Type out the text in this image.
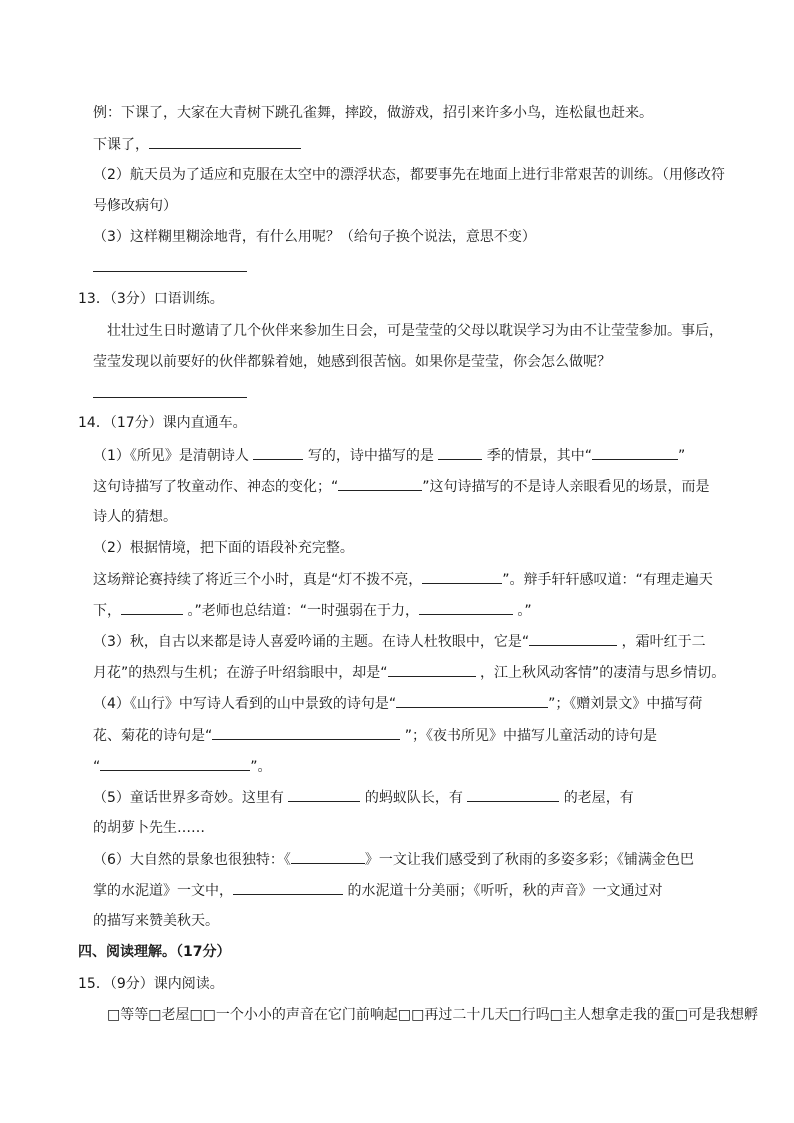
例：下课了，大家在大青树下跳孔雀舞，摔跤，做游戏，招引来许多小鸟，连松鼠也赶来。
下课了，
（2）航天员为了适应和克服在太空中的漂浮状态，都要事先在地面上进行非常艰苦的训练。（用修改符
号修改病句）
（3）这样糊里糊涂地背，有什么用呢？（给句子换个说法，意思不变）
13．（3分）口语训练。
壮壮过生日时邀请了几个伙伴来参加生日会，可是莹莹的父母以耽误学习为由不让莹莹参加。事后，
莹莹发现以前要好的伙伴都躲着她，她感到很苦恼。如果你是莹莹，你会怎么做呢？
14．（17分）课内直通车。
（1）《所见》是清朝诗人	写的，诗中描写的是	季的情景，其中“	”
这句诗描写了牧童动作、神态的变化；“	”这句诗描写的不是诗人亲眼看见的场景，而是
诗人的猜想。
（2）根据情境，把下面的语段补充完整。
这场辩论赛持续了将近三个小时，真是“灯不拨不亮，	”。辩手轩轩感叹道：“有理走遍天
下，	。”老师也总结道：“一时强弱在于力，	。”
（3）秋，自古以来都是诗人喜爱吟诵的主题。在诗人杜牧眼中，它是“	，霜叶红于二
月花”的热烈与生机；在游子叶绍翁眼中，却是“	，江上秋风动客情”的凄清与思乡情切。
（4）《山行》中写诗人看到的山中景致的诗句是“	”；《赠刘景文》中描写荷
花、菊花的诗句是“	”；《夜书所见》中描写儿童活动的诗句是
“	”。
（5）童话世界多奇妙。这里有	的蚂蚁队长，有	的老屋，有
的胡萝卜先生……
（6）大自然的景象也很独特：《	》一文让我们感受到了秋雨的多姿多彩；《铺满金色巴
掌的水泥道》一文中，	的水泥道十分美丽；《听听，秋的声音》一文通过对
的描写来赞美秋天。
四、阅读理解。（17分）
15．（9分）课内阅读。
□等等□老屋□□一个小小的声音在它门前响起□□再过二十几天□行吗□主人想拿走我的蛋□可是我想孵
